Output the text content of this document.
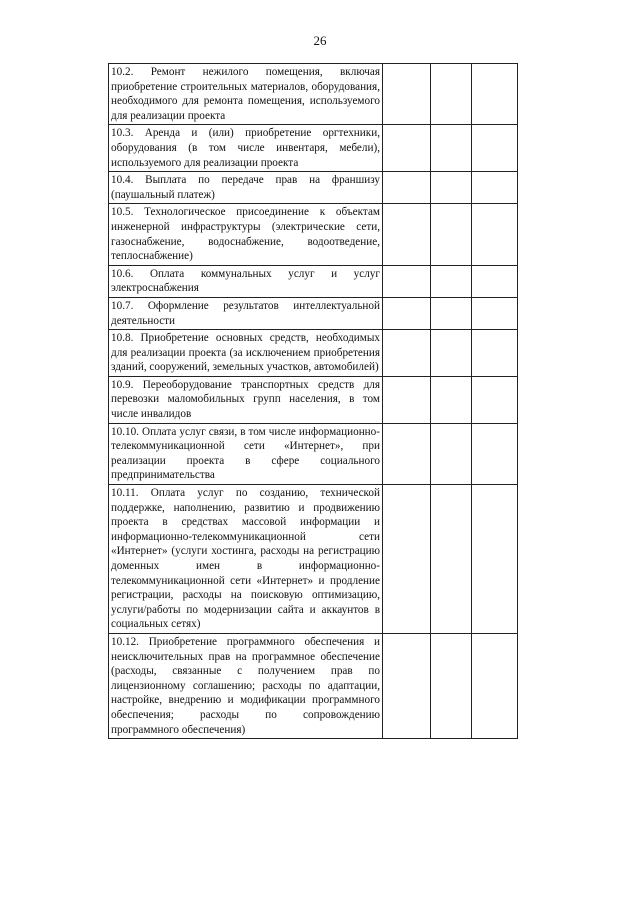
26
10.2. Ремонт нежилого помещения, включая приобретение строительных материалов, оборудования, необходимого для ремонта помещения, используемого для реализации проекта				
10.3. Аренда и (или) приобретение оргтехники, оборудования (в том числе инвентаря, мебели), используемого для реализации проекта				
10.4. Выплата по передаче прав на франшизу (паушальный платеж)				
10.5. Технологическое присоединение к объектам инженерной инфраструктуры (электрические сети, газоснабжение, водоснабжение, водоотведение, теплоснабжение)				
10.6. Оплата коммунальных услуг и услуг электроснабжения				
10.7. Оформление результатов интеллектуальной деятельности				
10.8. Приобретение основных средств, необходимых для реализации проекта (за исключением приобретения зданий, сооружений, земельных участков, автомобилей)				
10.9. Переоборудование транспортных средств для перевозки маломобильных групп населения, в том числе инвалидов				
10.10. Оплата услуг связи, в том числе информационно-телекоммуникационной сети «Интернет», при реализации проекта в сфере социального предпринимательства				
10.11. Оплата услуг по созданию, технической поддержке, наполнению, развитию и продвижению проекта в средствах массовой информации и информационно-телекоммуникационной сети «Интернет» (услуги хостинга, расходы на регистрацию доменных имен в информационно-телекоммуникационной сети «Интернет» и продление регистрации, расходы на поисковую оптимизацию, услуги/работы по модернизации сайта и аккаунтов в социальных сетях)				
10.12. Приобретение программного обеспечения и неисключительных прав на программное обеспечение (расходы, связанные с получением прав по лицензионному соглашению; расходы по адаптации, настройке, внедрению и модификации программного обеспечения; расходы по сопровождению программного обеспечения)				
